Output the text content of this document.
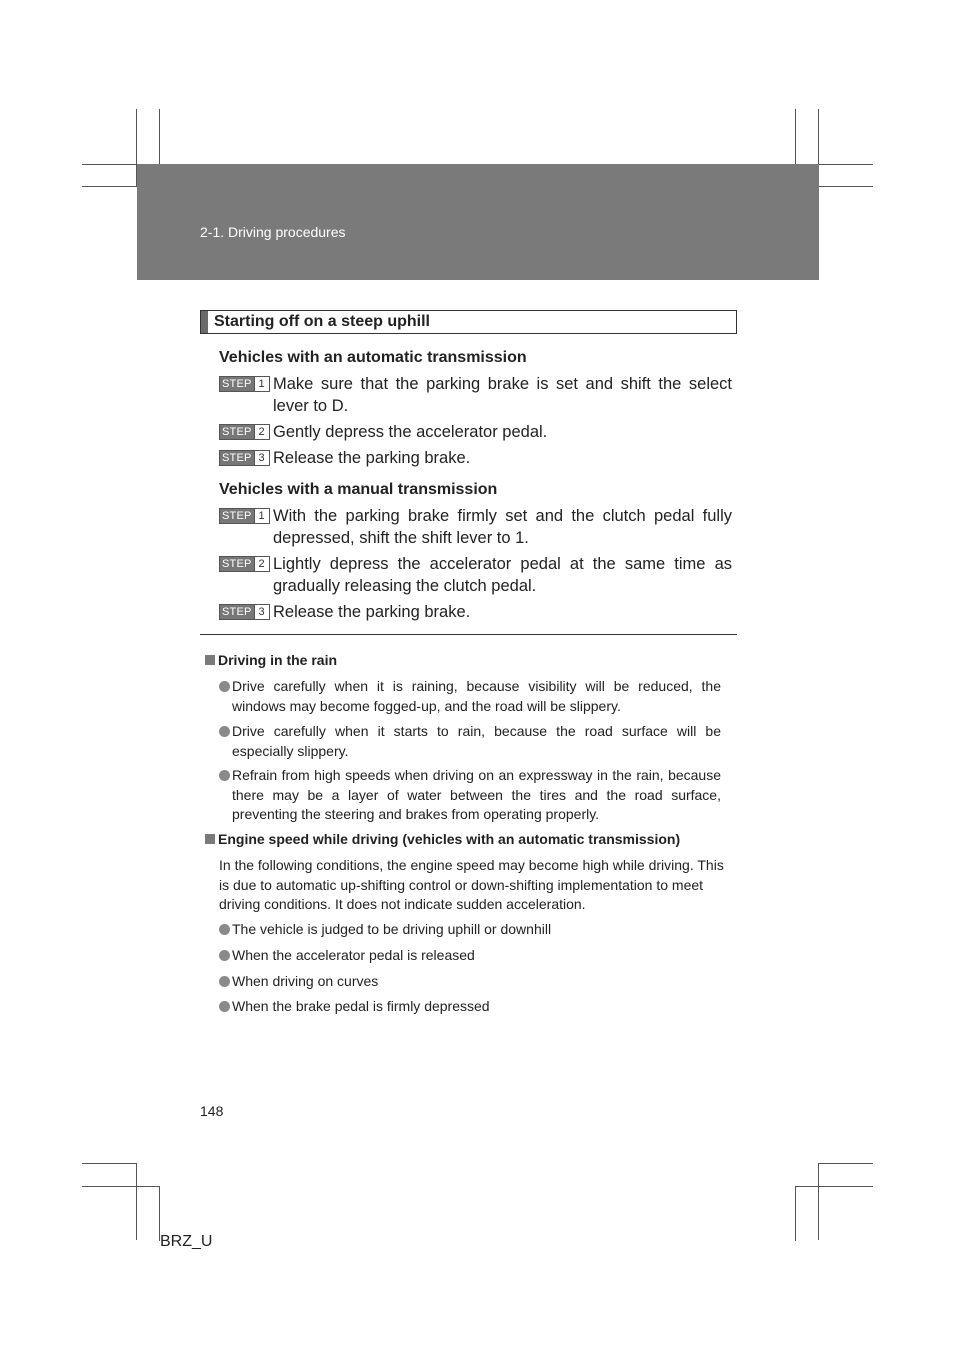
2-1. Driving procedures
Starting off on a steep uphill
Vehicles with an automatic transmission
STEP 1 Make sure that the parking brake is set and shift the select lever to D.
STEP 2 Gently depress the accelerator pedal.
STEP 3 Release the parking brake.
Vehicles with a manual transmission
STEP 1 With the parking brake firmly set and the clutch pedal fully depressed, shift the shift lever to 1.
STEP 2 Lightly depress the accelerator pedal at the same time as gradually releasing the clutch pedal.
STEP 3 Release the parking brake.
Driving in the rain
Drive carefully when it is raining, because visibility will be reduced, the windows may become fogged-up, and the road will be slippery.
Drive carefully when it starts to rain, because the road surface will be especially slippery.
Refrain from high speeds when driving on an expressway in the rain, because there may be a layer of water between the tires and the road surface, preventing the steering and brakes from operating properly.
Engine speed while driving (vehicles with an automatic transmission)
In the following conditions, the engine speed may become high while driving. This is due to automatic up-shifting control or down-shifting implementation to meet driving conditions. It does not indicate sudden acceleration.
The vehicle is judged to be driving uphill or downhill
When the accelerator pedal is released
When driving on curves
When the brake pedal is firmly depressed
148
BRZ_U
